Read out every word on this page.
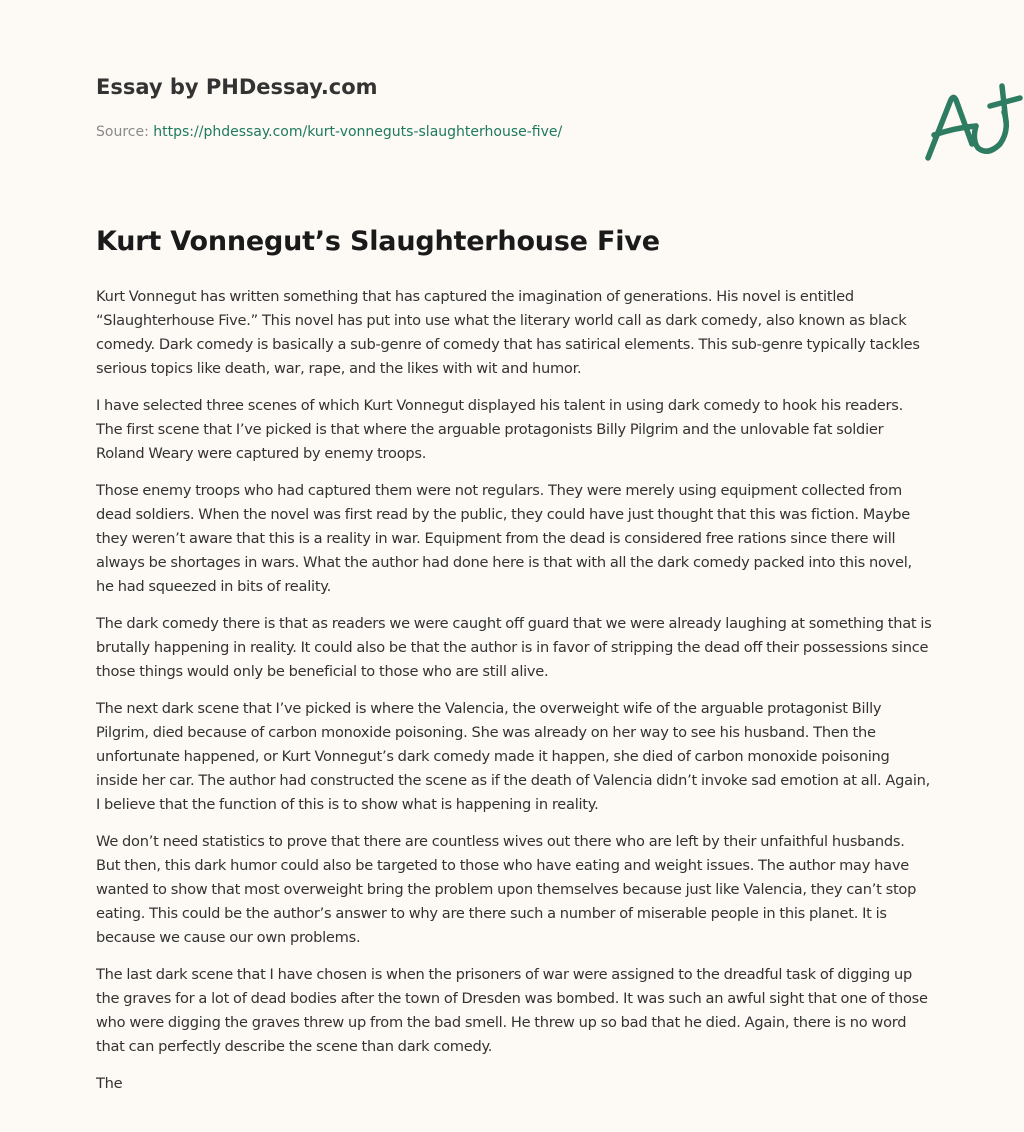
Essay by PHDessay.com
Source: https://phdessay.com/kurt-vonneguts-slaughterhouse-five/
Kurt Vonnegut’s Slaughterhouse Five

Kurt Vonnegut has written something that has captured the imagination of generations. His novel is entitled “Slaughterhouse Five.” This novel has put into use what the literary world call as dark comedy, also known as black comedy. Dark comedy is basically a sub-genre of comedy that has satirical elements. This sub-genre typically tackles serious topics like death, war, rape, and the likes with wit and humor.

I have selected three scenes of which Kurt Vonnegut displayed his talent in using dark comedy to hook his readers. The first scene that I’ve picked is that where the arguable protagonists Billy Pilgrim and the unlovable fat soldier Roland Weary were captured by enemy troops.

Those enemy troops who had captured them were not regulars. They were merely using equipment collected from dead soldiers. When the novel was first read by the public, they could have just thought that this was fiction. Maybe they weren’t aware that this is a reality in war. Equipment from the dead is considered free rations since there will always be shortages in wars. What the author had done here is that with all the dark comedy packed into this novel, he had squeezed in bits of reality.

The dark comedy there is that as readers we were caught off guard that we were already laughing at something that is brutally happening in reality. It could also be that the author is in favor of stripping the dead off their possessions since those things would only be beneficial to those who are still alive.

The next dark scene that I’ve picked is where the Valencia, the overweight wife of the arguable protagonist Billy Pilgrim, died because of carbon monoxide poisoning. She was already on her way to see his husband. Then the unfortunate happened, or Kurt Vonnegut’s dark comedy made it happen, she died of carbon monoxide poisoning inside her car. The author had constructed the scene as if the death of Valencia didn’t invoke sad emotion at all. Again, I believe that the function of this is to show what is happening in reality.

We don’t need statistics to prove that there are countless wives out there who are left by their unfaithful husbands. But then, this dark humor could also be targeted to those who have eating and weight issues. The author may have wanted to show that most overweight bring the problem upon themselves because just like Valencia, they can’t stop eating. This could be the author’s answer to why are there such a number of miserable people in this planet. It is because we cause our own problems.

The last dark scene that I have chosen is when the prisoners of war were assigned to the dreadful task of digging up the graves for a lot of dead bodies after the town of Dresden was bombed. It was such an awful sight that one of those who were digging the graves threw up from the bad smell. He threw up so bad that he died. Again, there is no word that can perfectly describe the scene than dark comedy.

The
